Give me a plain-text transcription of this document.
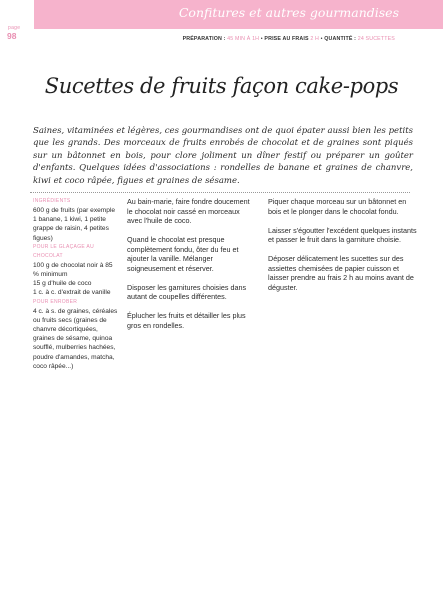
Confitures et autres gourmandises
page
98	PRÉPARATION : 45 MIN À 1H • PRISE AU FRAIS 2 H • QUANTITÉ : 24 SUCETTES
Sucettes de fruits façon cake-pops
Saines, vitaminées et légères, ces gourmandises ont de quoi épater aussi bien les petits que les grands. Des morceaux de fruits enrobés de chocolat et de graines sont piqués sur un bâtonnet en bois, pour clore joliment un dîner festif ou préparer un goûter d'enfants. Quelques idées d'associations : rondelles de banane et graines de chanvre, kiwi et coco râpée, figues et graines de sésame.
INGRÉDIENTS
600 g de fruits (par exemple 1 banane, 1 kiwi, 1 petite grappe de raisin, 4 petites figues)
POUR LE GLAÇAGE AU CHOCOLAT
100 g de chocolat noir à 85 % minimum
15 g d'huile de coco
1 c. à c. d'extrait de vanille
POUR ENROBER
4 c. à s. de graines, céréales ou fruits secs (graines de chanvre décortiquées, graines de sésame, quinoa soufflé, mulberries hachées, poudre d'amandes, matcha, coco râpée...)

Au bain-marie, faire fondre doucement le chocolat noir cassé en morceaux avec l'huile de coco.

Quand le chocolat est presque complètement fondu, ôter du feu et ajouter la vanille. Mélanger soigneusement et réserver.

Disposer les garnitures choisies dans autant de coupelles différentes.

Éplucher les fruits et détailler les plus gros en rondelles.

Piquer chaque morceau sur un bâtonnet en bois et le plonger dans le chocolat fondu.

Laisser s'égoutter l'excédent quelques instants et passer le fruit dans la garniture choisie.

Déposer délicatement les sucettes sur des assiettes chemisées de papier cuisson et laisser prendre au frais 2 h au moins avant de déguster.
